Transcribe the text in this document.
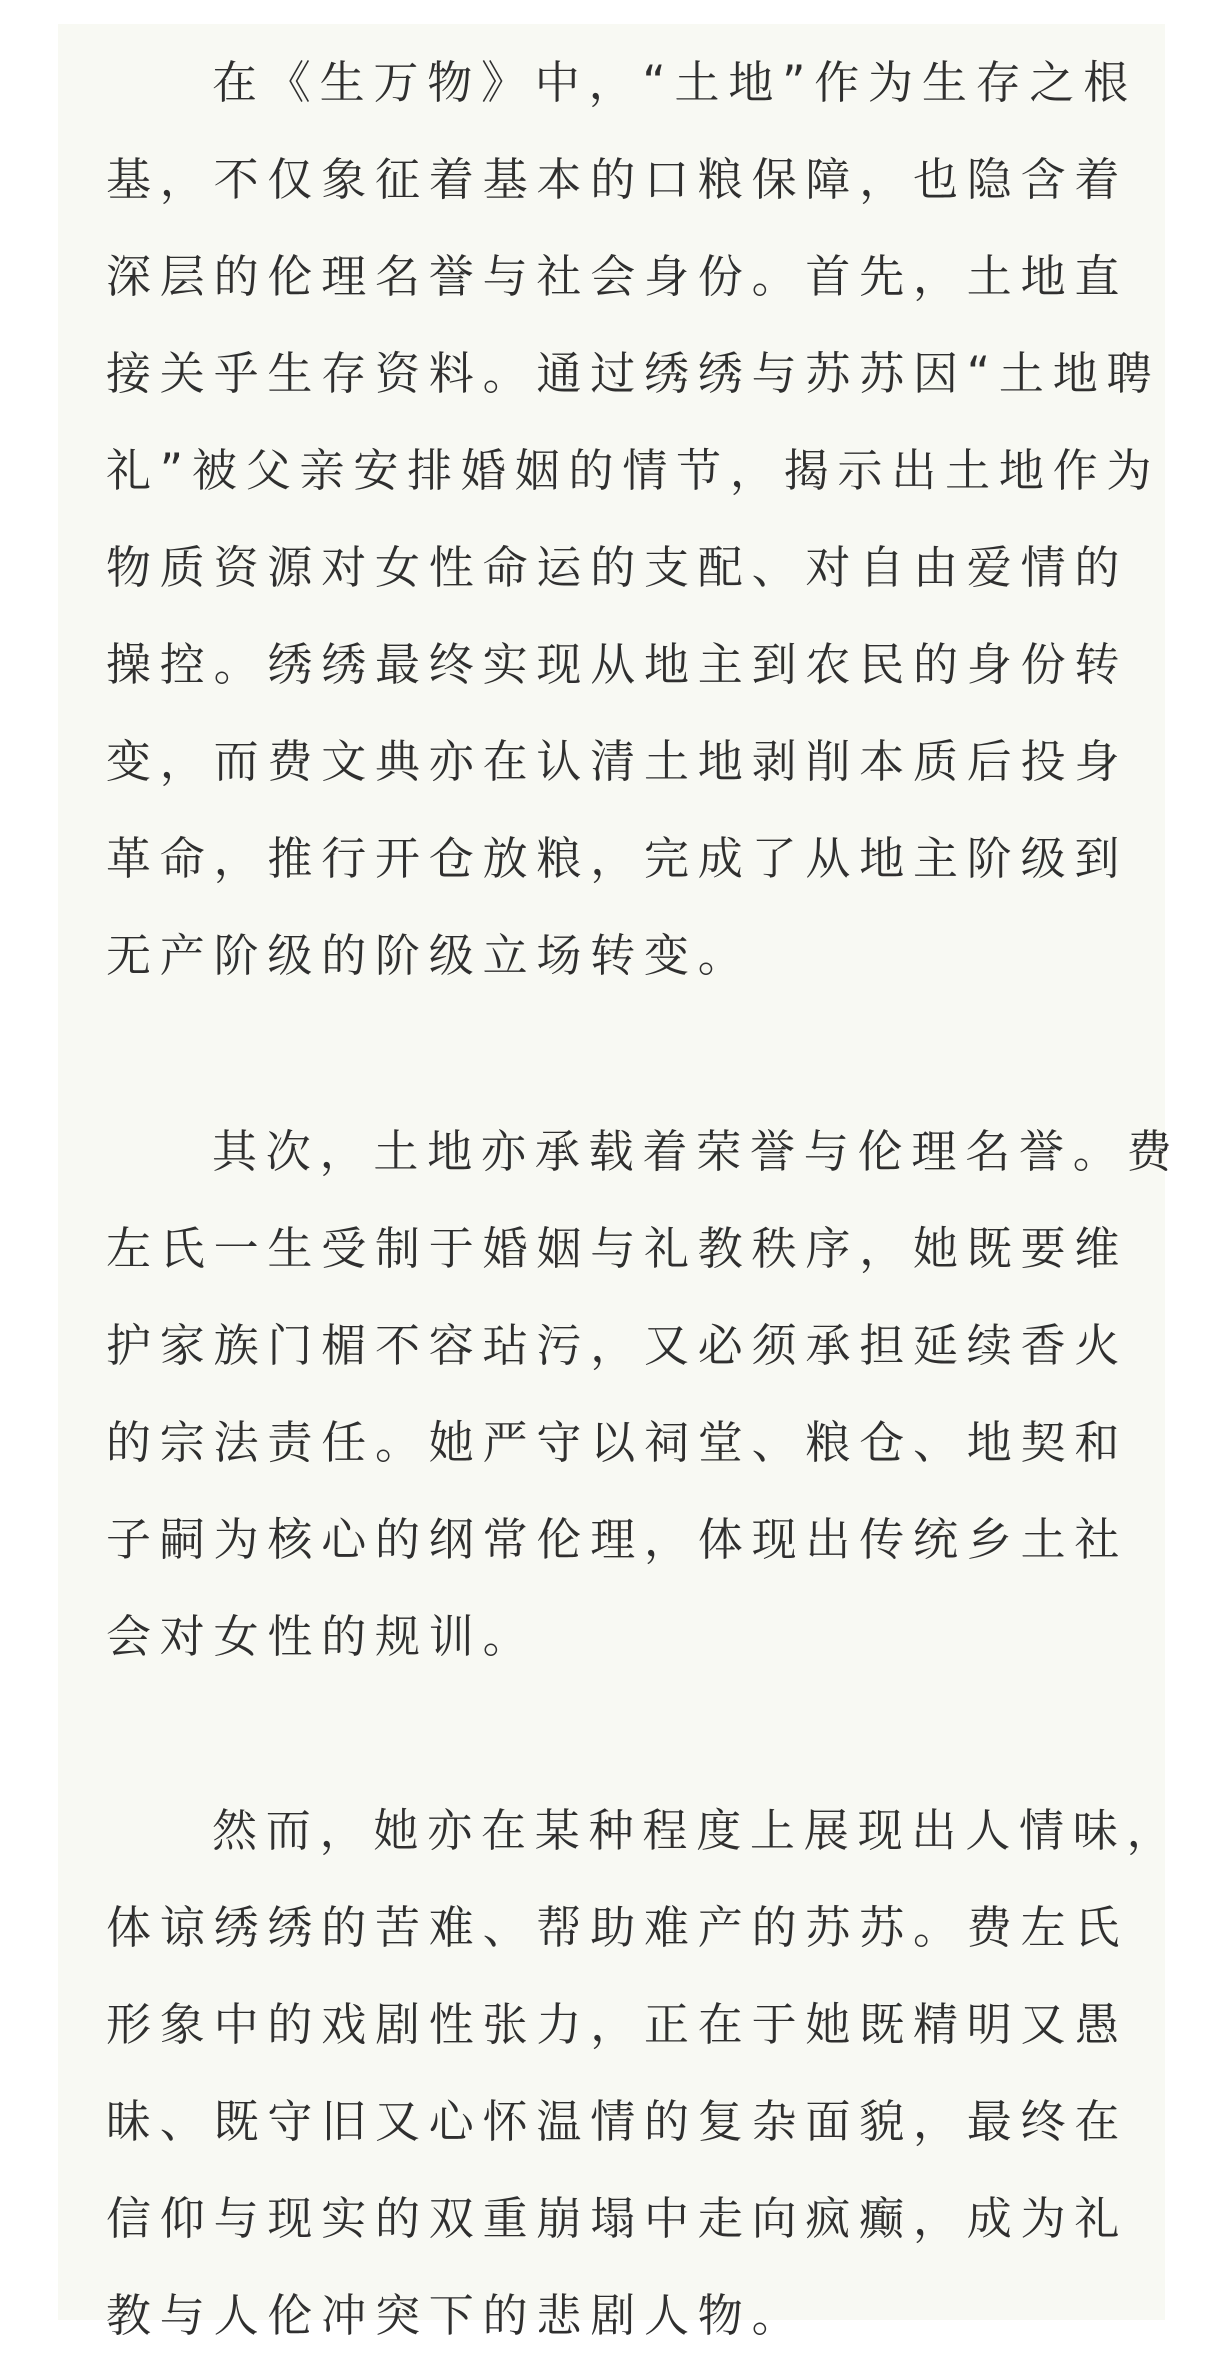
在《生万物》中，“土地”作为生存之根基，不仅象征着基本的口粮保障，也隐含着深层的伦理名誉与社会身份。首先，土地直接关乎生存资料。通过绣绣与苏苏因“土地聘礼”被父亲安排婚姻的情节，揭示出土地作为物质资源对女性命运的支配、对自由爱情的操控。绣绣最终实现从地主到农民的身份转变，而费文典亦在认清土地剥削本质后投身革命，推行开仓放粮，完成了从地主阶级到无产阶级的阶级立场转变。

其次，土地亦承载着荣誉与伦理名誉。费左氏一生受制于婚姻与礼教秩序，她既要维护家族门楣不容玷污，又必须承担延续香火的宗法责任。她严守以祠堂、粮仓、地契和子嗣为核心的纲常伦理，体现出传统乡土社会对女性的规训。

然而，她亦在某种程度上展现出人情味，体谅绣绣的苦难、帮助难产的苏苏。费左氏形象中的戏剧性张力，正在于她既精明又愚昧、既守旧又心怀温情的复杂面貌，最终在信仰与现实的双重崩塌中走向疯癫，成为礼教与人伦冲突下的悲剧人物。
